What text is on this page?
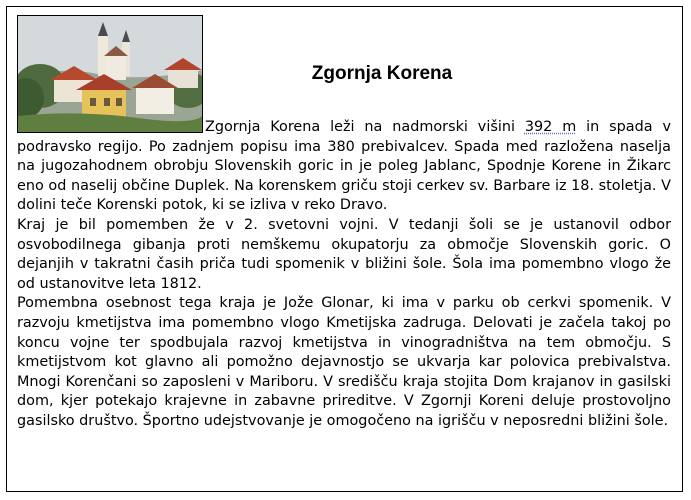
Zgornja Korena

Zgornja Korena leži na nadmorski višini 392 m in spada v podravsko regijo. Po zadnjem popisu ima 380 prebivalcev. Spada med razložena naselja na jugozahodnem obrobju Slovenskih goric in je poleg Jablanc, Spodnje Korene in Žikarc eno od naselij občine Duplek. Na korenskem griču stoji cerkev sv. Barbare iz 18. stoletja. V dolini teče Korenski potok, ki se izliva v reko Dravo.

Kraj je bil pomemben že v 2. svetovni vojni. V tedanji šoli se je ustanovil odbor osvobodilnega gibanja proti nemškemu okupatorju za območje Slovenskih goric. O dejanjih v takratni časih priča tudi spomenik v bližini šole. Šola ima pomembno vlogo že od ustanovitve leta 1812.

Pomembna osebnost tega kraja je Jože Glonar, ki ima v parku ob cerkvi spomenik. V razvoju kmetijstva ima pomembno vlogo Kmetijska zadruga. Delovati je začela takoj po koncu vojne ter spodbujala razvoj kmetijstva in vinogradništva na tem območju. S kmetijstvom kot glavno ali pomožno dejavnostjo se ukvarja kar polovica prebivalstva. Mnogi Korenčani so zaposleni v Mariboru. V središču kraja stojita Dom krajanov in gasilski dom, kjer potekajo krajevne in zabavne prireditve. V Zgornji Koreni deluje prostovoljno gasilsko društvo. Športno udejstvovanje je omogočeno na igrišču v neposredni bližini šole.
